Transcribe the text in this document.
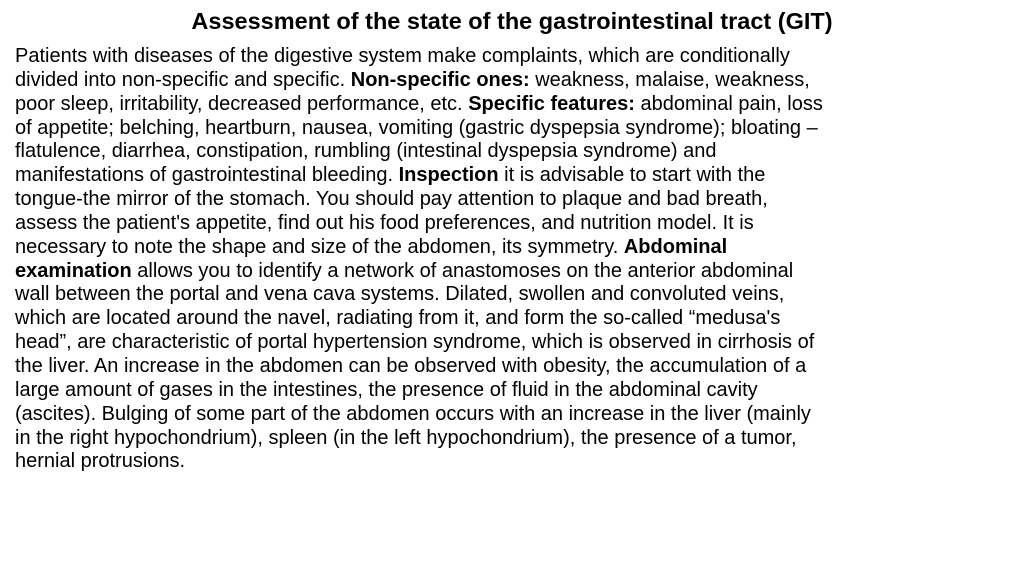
Assessment of the state of the gastrointestinal tract (GIT)
Patients with diseases of the digestive system make complaints, which are conditionally
divided into non-specific and specific. Non-specific ones: weakness, malaise, weakness,
poor sleep, irritability, decreased performance, etc. Specific features: abdominal pain, loss
of appetite; belching, heartburn, nausea, vomiting (gastric dyspepsia syndrome); bloating –
flatulence, diarrhea, constipation, rumbling (intestinal dyspepsia syndrome) and
manifestations of gastrointestinal bleeding. Inspection it is advisable to start with the
tongue-the mirror of the stomach. You should pay attention to plaque and bad breath,
assess the patient's appetite, find out his food preferences, and nutrition model. It is
necessary to note the shape and size of the abdomen, its symmetry. Abdominal
examination allows you to identify a network of anastomoses on the anterior abdominal
wall between the portal and vena cava systems. Dilated, swollen and convoluted veins,
which are located around the navel, radiating from it, and form the so-called “medusa's
head”, are characteristic of portal hypertension syndrome, which is observed in cirrhosis of
the liver. An increase in the abdomen can be observed with obesity, the accumulation of a
large amount of gases in the intestines, the presence of fluid in the abdominal cavity
(ascites). Bulging of some part of the abdomen occurs with an increase in the liver (mainly
in the right hypochondrium), spleen (in the left hypochondrium), the presence of a tumor,
hernial protrusions.
